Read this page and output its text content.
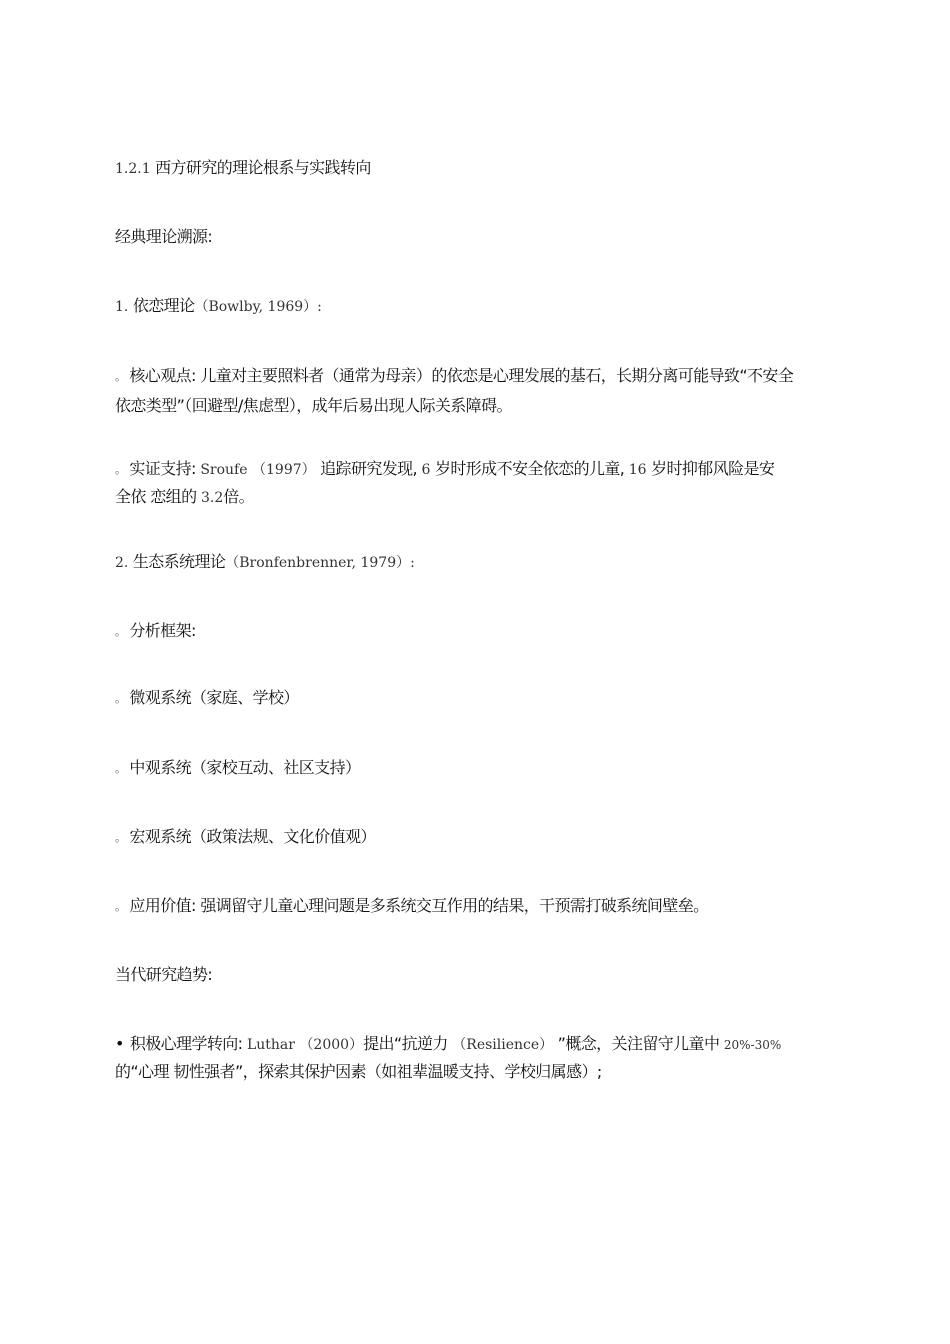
1.2.1 西方研究的理论根系与实践转向
经典理论溯源:
1. 依恋理论（Bowlby, 1969）:
。 核心观点: 儿童对主要照料者（通常为母亲）的依恋是心理发展的基石，长期分离可能导致“不安全
依恋类型”（回避型/焦虑型），成年后易出现人际关系障碍。
。 实证支持: Sroufe （1997） 追踪研究发现, 6 岁时形成不安全依恋的儿童, 16 岁时抑郁风险是安
全依 恋组的 3.2倍。
2. 生态系统理论（Bronfenbrenner, 1979）:
。 分析框架:
。 微观系统（家庭、学校）
。 中观系统（家校互动、社区支持）
。 宏观系统（政策法规、文化价值观）
。 应用价值: 强调留守儿童心理问题是多系统交互作用的结果，干预需打破系统间壁垒。
当代研究趋势:
• 积极心理学转向: Luthar （2000）提出“抗逆力 （Resilience） ”概念，关注留守儿童中 20%-30%
的“心理 韧性强者”，探索其保护因素（如祖辈温暖支持、学校归属感）;
